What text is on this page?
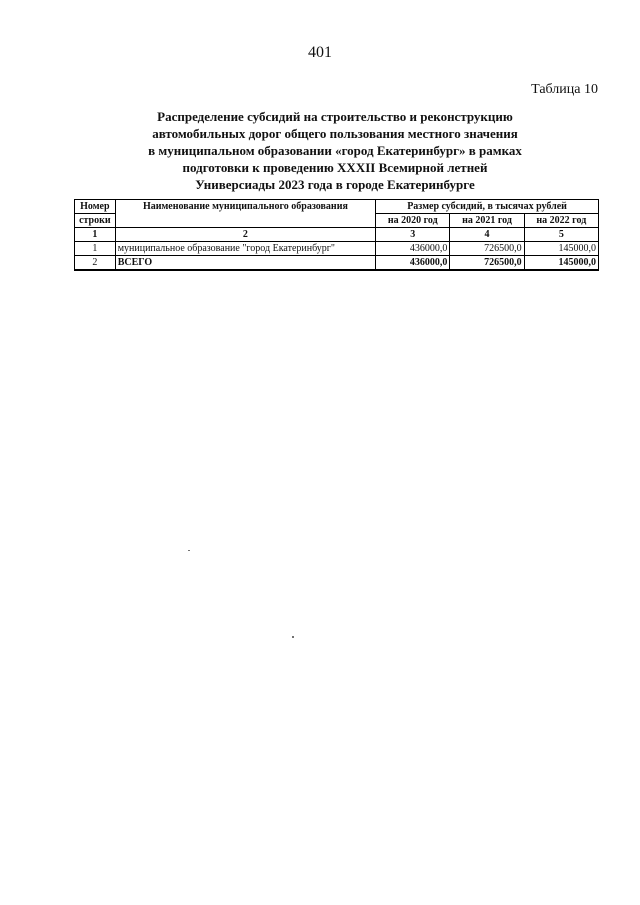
401
Таблица 10
Распределение субсидий на строительство и реконструкцию
автомобильных дорог общего пользования местного значения
в муниципальном образовании «город Екатеринбург» в рамках
подготовки к проведению XXXII Всемирной летней
Универсиады 2023 года в городе Екатеринбурге
Номер	Наименование муниципального образования	Размер субсидий, в тысячах рублей		
строки		на 2020 год	на 2021 год	на 2022 год
1	2	3	4	5
1	муниципальное образование "город Екатеринбург"	436000,0	726500,0	145000,0
2	ВСЕГО	436000,0	726500,0	145000,0
